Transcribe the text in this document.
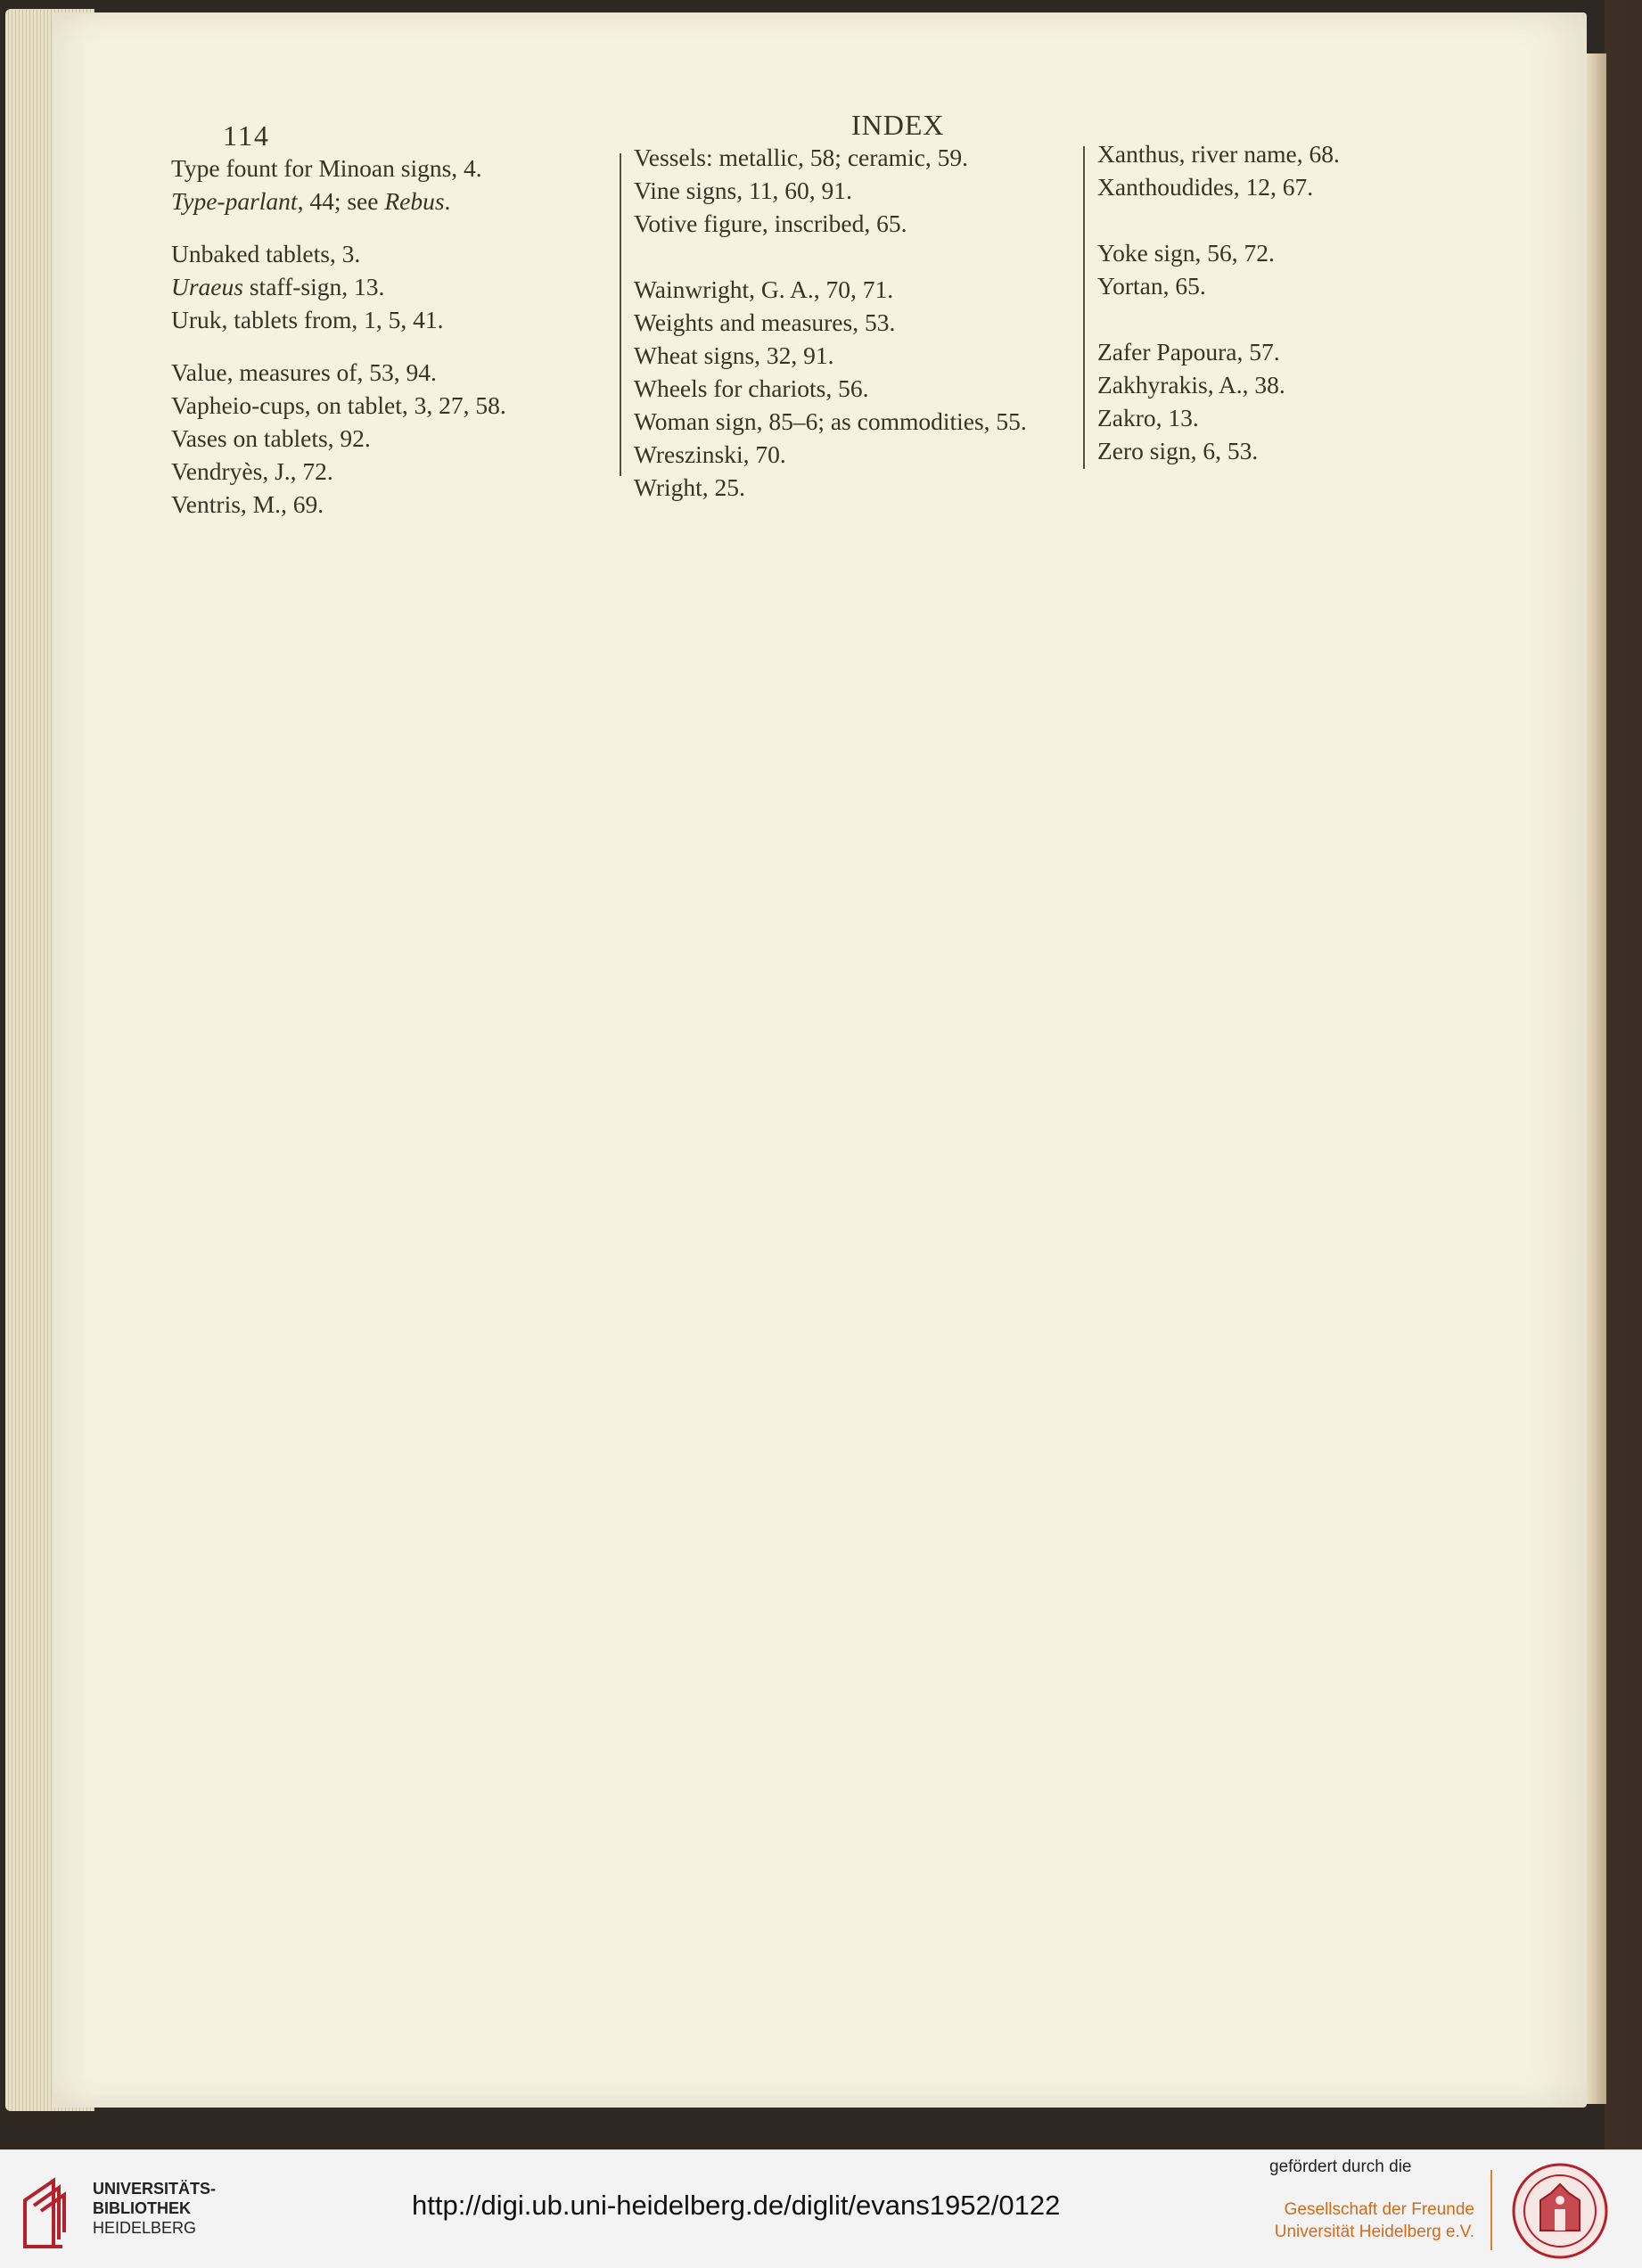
114	INDEX
Type fount for Minoan signs, 4.
Type-parlant, 44; see Rebus.
Unbaked tablets, 3.
Uraeus staff-sign, 13.
Uruk, tablets from, 1, 5, 41.
Value, measures of, 53, 94.
Vapheio-cups, on tablet, 3, 27, 58.
Vases on tablets, 92.
Vendryès, J., 72.
Ventris, M., 69.
Vessels: metallic, 58; ceramic, 59.
Vine signs, 11, 60, 91.
Votive figure, inscribed, 65.
Wainwright, G. A., 70, 71.
Weights and measures, 53.
Wheat signs, 32, 91.
Wheels for chariots, 56.
Woman sign, 85–6; as commodities, 55.
Wreszinski, 70.
Wright, 25.
Xanthus, river name, 68.
Xanthoudides, 12, 67.
Yoke sign, 56, 72.
Yortan, 65.
Zafer Papoura, 57.
Zakhyrakis, A., 38.
Zakro, 13.
Zero sign, 6, 53.
UNIVERSITÄTS-
BIBLIOTHEK
HEIDELBERG
http://digi.ub.uni-heidelberg.de/diglit/evans1952/0122
gefördert durch die
Gesellschaft der Freunde
Universität Heidelberg e.V.
